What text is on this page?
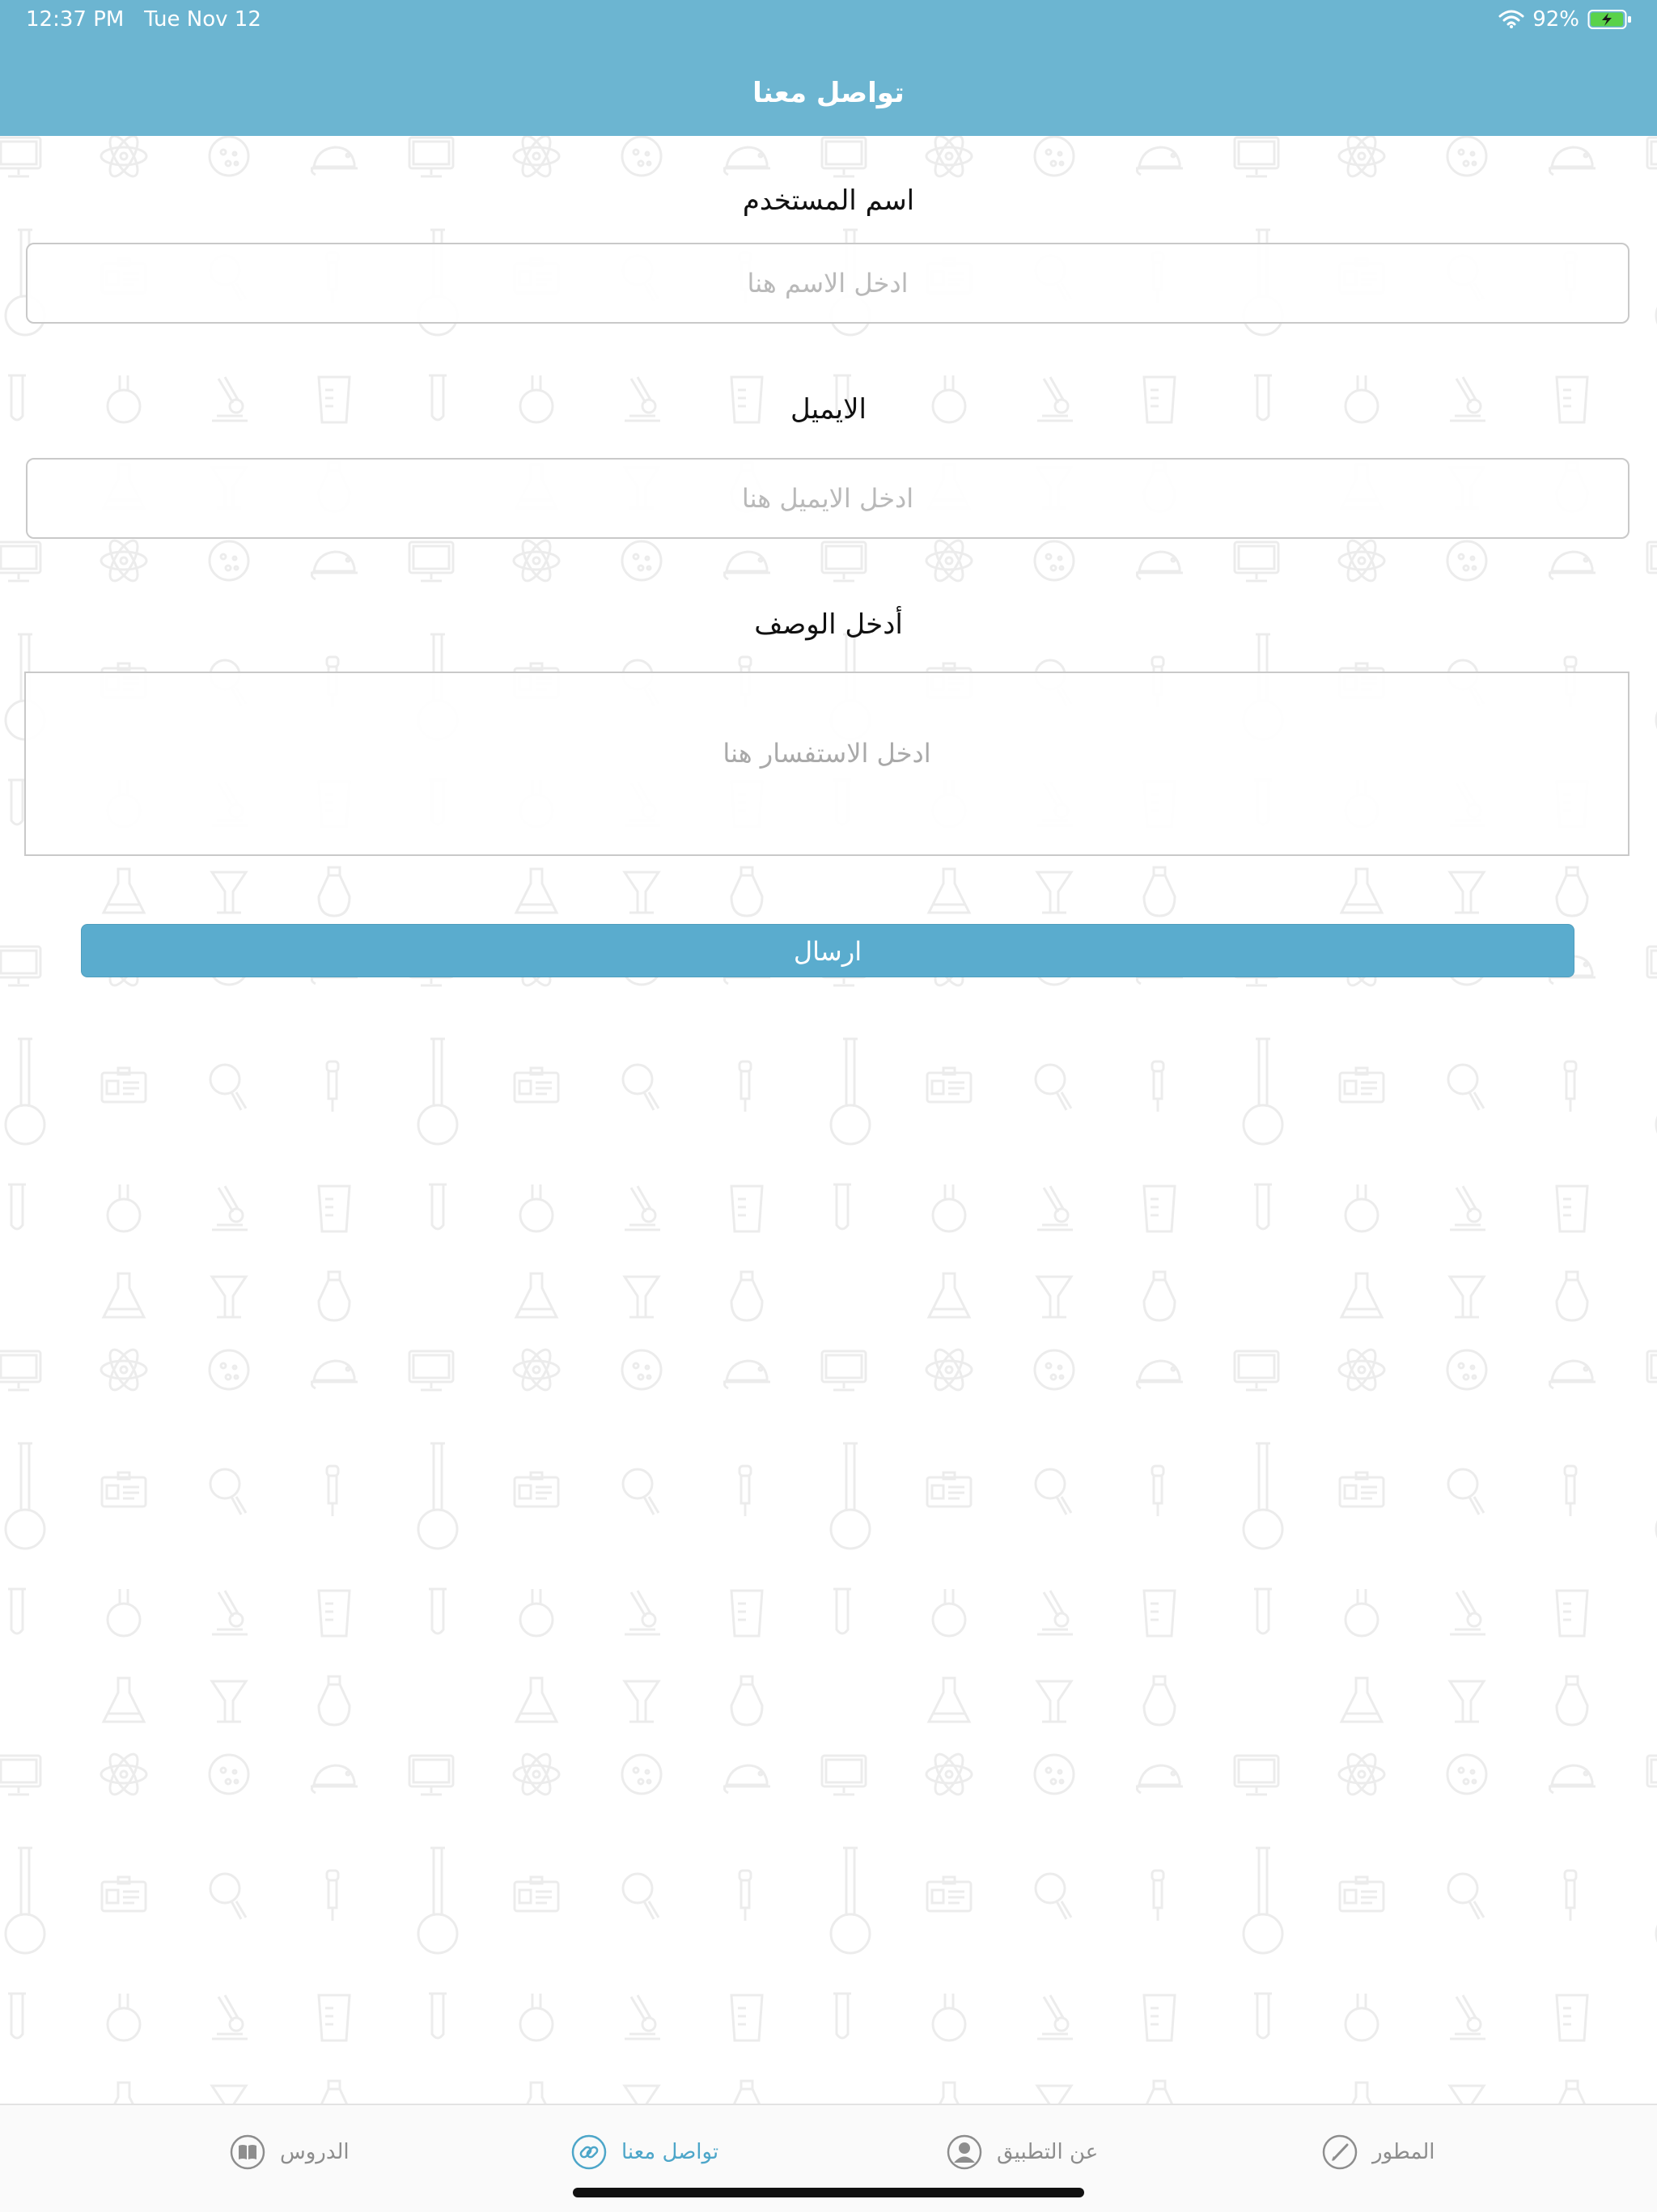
12:37 PM Tue Nov 12	92%
تواصل معنا
اسم المستخدم
ادخل الاسم هنا
الايميل
ادخل الايميل هنا
أدخل الوصف
ادخل الاستفسار هنا
ارسال
الدروس	تواصل معنا	عن التطبيق	المطور
